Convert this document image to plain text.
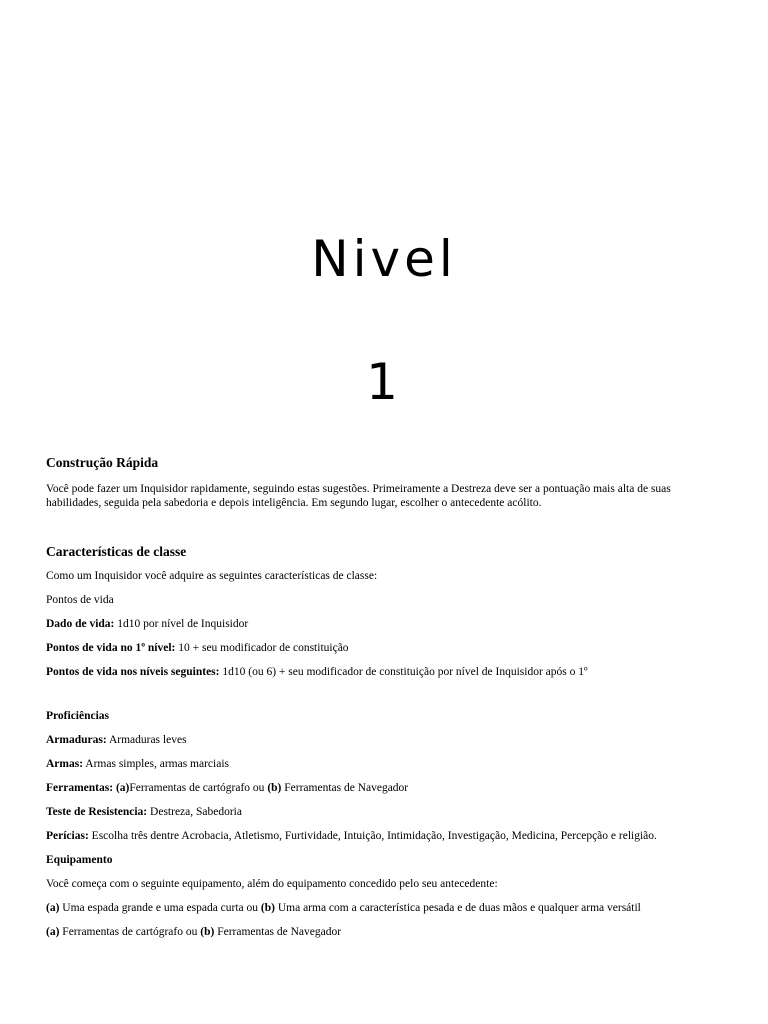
Nivel
1

Construção Rápida

Você pode fazer um Inquisidor rapidamente, seguindo estas sugestões. Primeiramente a Destreza deve ser a pontuação mais alta de suas habilidades, seguida pela sabedoria e depois inteligência. Em segundo lugar, escolher o antecedente acólito.

Características de classe

Como um Inquisidor você adquire as seguintes características de classe:

Pontos de vida

Dado de vida: 1d10 por nível de Inquisidor

Pontos de vida no 1º nível: 10 + seu modificador de constituição

Pontos de vida nos níveis seguintes: 1d10 (ou 6) + seu modificador de constituição por nível de Inquisidor após o 1º

Proficiências

Armaduras: Armaduras leves

Armas: Armas simples, armas marciais

Ferramentas: (a)Ferramentas de cartógrafo ou (b) Ferramentas de Navegador

Teste de Resistencia: Destreza, Sabedoria

Perícias: Escolha três dentre Acrobacia, Atletismo, Furtividade, Intuição, Intimidação, Investigação, Medicina, Percepção e religião.

Equipamento

Você começa com o seguinte equipamento, além do equipamento concedido pelo seu antecedente:

(a) Uma espada grande e uma espada curta ou (b) Uma arma com a característica pesada e de duas mãos e qualquer arma versátil

(a) Ferramentas de cartógrafo ou (b) Ferramentas de Navegador
